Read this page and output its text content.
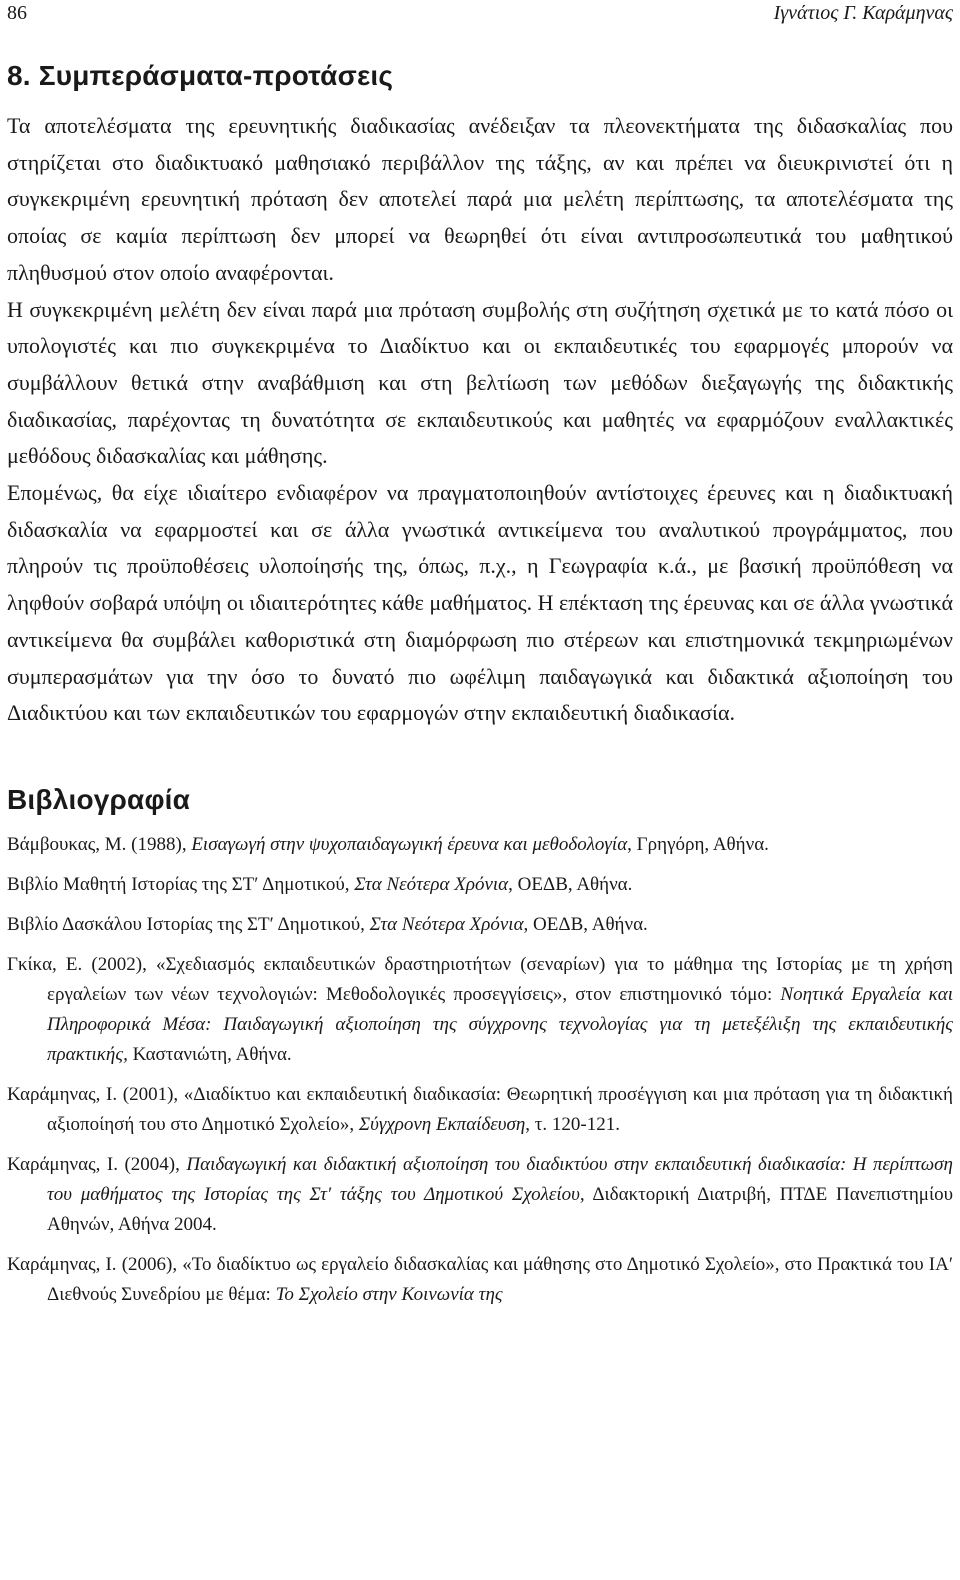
86	Ιγνάτιος Γ. Καράμηνας
8. Συμπεράσματα-προτάσεις

Τα αποτελέσματα της ερευνητικής διαδικασίας ανέδειξαν τα πλεονεκτήματα της διδασκαλίας που στηρίζεται στο διαδικτυακό μαθησιακό περιβάλλον της τάξης, αν και πρέπει να διευκρινιστεί ότι η συγκεκριμένη ερευνητική πρόταση δεν αποτελεί παρά μια μελέτη περίπτωσης, τα αποτελέσματα της οποίας σε καμία περίπτωση δεν μπορεί να θεωρηθεί ότι είναι αντιπροσωπευτικά του μαθητικού πληθυσμού στον οποίο αναφέρονται.

Η συγκεκριμένη μελέτη δεν είναι παρά μια πρόταση συμβολής στη συζήτηση σχετικά με το κατά πόσο οι υπολογιστές και πιο συγκεκριμένα το Διαδίκτυο και οι εκπαιδευτικές του εφαρμογές μπορούν να συμβάλλουν θετικά στην αναβάθμιση και στη βελτίωση των μεθόδων διεξαγωγής της διδακτικής διαδικασίας, παρέχοντας τη δυνατότητα σε εκπαιδευτικούς και μαθητές να εφαρμόζουν εναλλακτικές μεθόδους διδασκαλίας και μάθησης.

Επομένως, θα είχε ιδιαίτερο ενδιαφέρον να πραγματοποιηθούν αντίστοιχες έρευνες και η διαδικτυακή διδασκαλία να εφαρμοστεί και σε άλλα γνωστικά αντικείμενα του αναλυτικού προγράμματος, που πληρούν τις προϋποθέσεις υλοποίησής της, όπως, π.χ., η Γεωγραφία κ.ά., με βασική προϋπόθεση να ληφθούν σοβαρά υπόψη οι ιδιαιτερότητες κάθε μαθήματος. Η επέκταση της έρευνας και σε άλλα γνωστικά αντικείμενα θα συμβάλει καθοριστικά στη διαμόρφωση πιο στέρεων και επιστημονικά τεκμηριωμένων συμπερασμάτων για την όσο το δυνατό πιο ωφέλιμη παιδαγωγικά και διδακτικά αξιοποίηση του Διαδικτύου και των εκπαιδευτικών του εφαρμογών στην εκπαιδευτική διαδικασία.

Βιβλιογραφία

Βάμβουκας, Μ. (1988), Εισαγωγή στην ψυχοπαιδαγωγική έρευνα και μεθοδολογία, Γρηγόρη, Αθήνα.

Βιβλίο Μαθητή Ιστορίας της ΣΤ′ Δημοτικού, Στα Νεότερα Χρόνια, ΟΕΔΒ, Αθήνα.

Βιβλίο Δασκάλου Ιστορίας της ΣΤ′ Δημοτικού, Στα Νεότερα Χρόνια, ΟΕΔΒ, Αθήνα.

Γκίκα, Ε. (2002), «Σχεδιασμός εκπαιδευτικών δραστηριοτήτων (σεναρίων) για το μάθημα της Ιστορίας με τη χρήση εργαλείων των νέων τεχνολογιών: Μεθοδολογικές προσεγγίσεις», στον επιστημονικό τόμο: Νοητικά Εργαλεία και Πληροφορικά Μέσα: Παιδαγωγική αξιοποίηση της σύγχρονης τεχνολογίας για τη μετεξέλιξη της εκπαιδευτικής πρακτικής, Καστανιώτη, Αθήνα.

Καράμηνας, Ι. (2001), «Διαδίκτυο και εκπαιδευτική διαδικασία: Θεωρητική προσέγγιση και μια πρόταση για τη διδακτική αξιοποίησή του στο Δημοτικό Σχολείο», Σύγχρονη Εκπαίδευση, τ. 120-121.

Καράμηνας, Ι. (2004), Παιδαγωγική και διδακτική αξιοποίηση του διαδικτύου στην εκπαιδευτική διαδικασία: Η περίπτωση του μαθήματος της Ιστορίας της Στ′ τάξης του Δημοτικού Σχολείου, Διδακτορική Διατριβή, ΠΤΔΕ Πανεπιστημίου Αθηνών, Αθήνα 2004.

Καράμηνας, Ι. (2006), «Το διαδίκτυο ως εργαλείο διδασκαλίας και μάθησης στο Δημοτικό Σχολείο», στο Πρακτικά του ΙΑ′ Διεθνούς Συνεδρίου με θέμα: Το Σχολείο στην Κοινωνία της
